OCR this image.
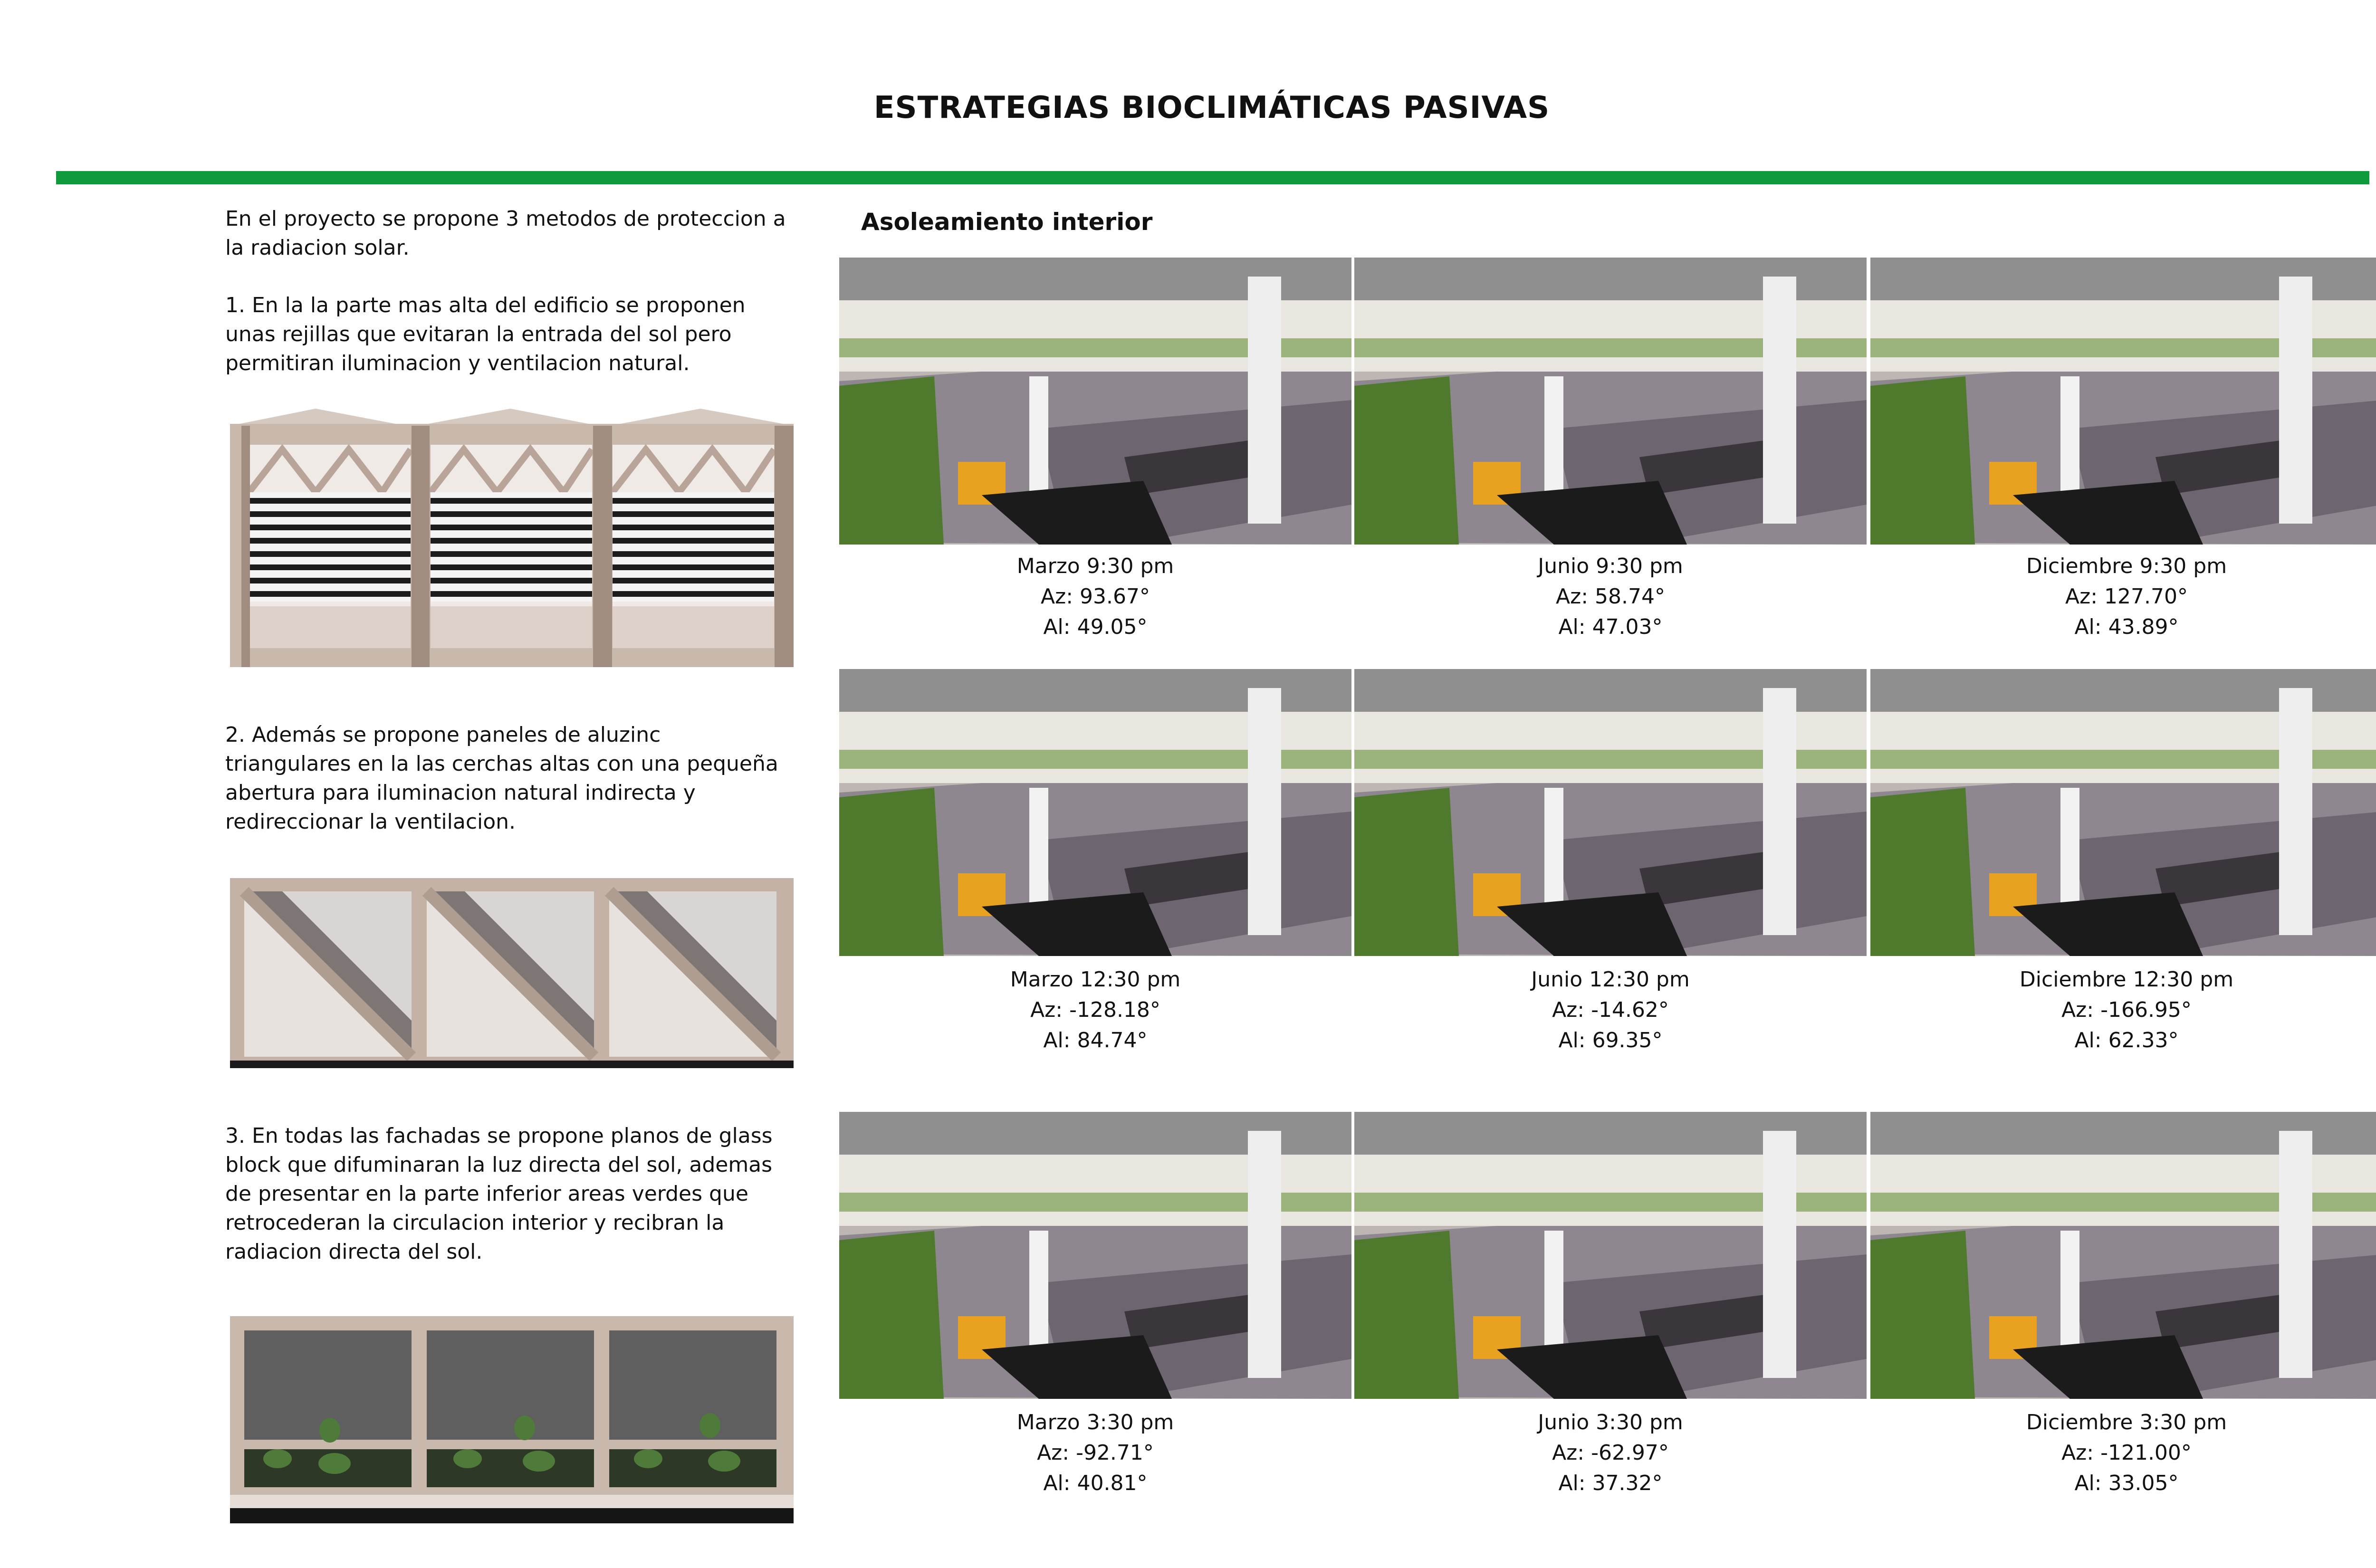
ESTRATEGIAS BIOCLIMÁTICAS PASIVAS

En el proyecto se propone 3 metodos de proteccion a
la radiacion solar.

1. En la la parte mas alta del edificio se proponen
unas rejillas que evitaran la entrada del sol pero
permitiran iluminacion y ventilacion natural.

2. Además se propone paneles de aluzinc
triangulares en la las cerchas altas con una pequeña
abertura para iluminacion natural indirecta y
redireccionar la ventilacion.

3. En todas las fachadas se propone planos de glass
block que difuminaran la luz directa del sol, ademas
de presentar en la parte inferior areas verdes que
retrocederan la circulacion interior y recibran la
radiacion directa del sol.

Asoleamiento interior
Marzo 9:30 pm
Az: 93.67°
Al: 49.05°
Junio 9:30 pm
Az: 58.74°
Al: 47.03°
Diciembre 9:30 pm
Az: 127.70°
Al: 43.89°
Marzo 12:30 pm
Az: -128.18°
Al: 84.74°
Junio 12:30 pm
Az: -14.62°
Al: 69.35°
Diciembre 12:30 pm
Az: -166.95°
Al: 62.33°
Marzo 3:30 pm
Az: -92.71°
Al: 40.81°
Junio 3:30 pm
Az: -62.97°
Al: 37.32°
Diciembre 3:30 pm
Az: -121.00°
Al: 33.05°
